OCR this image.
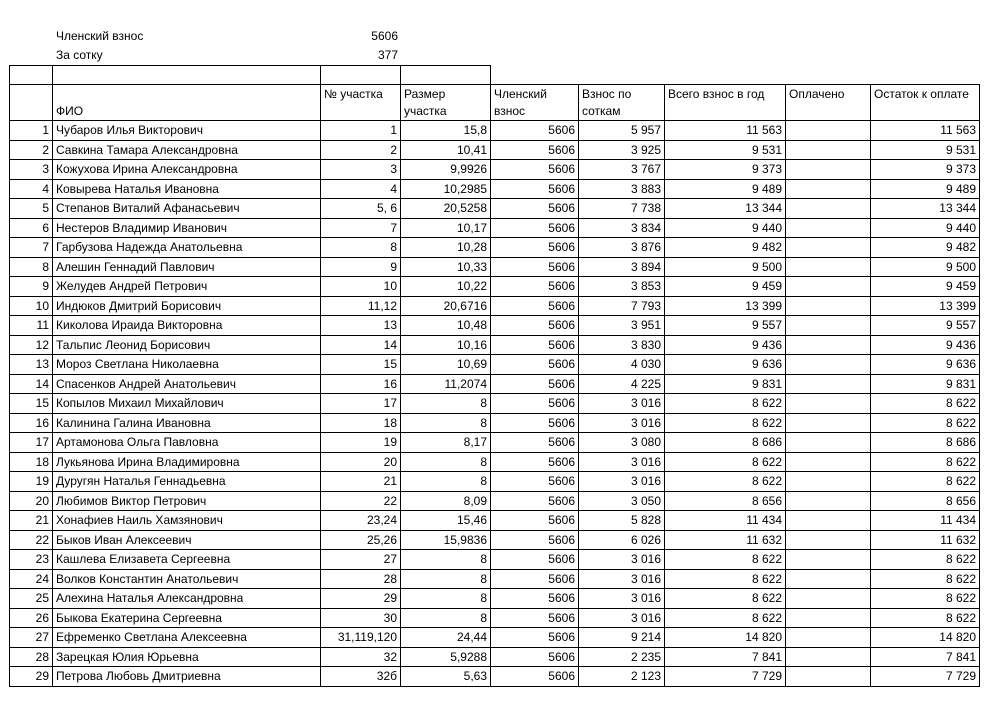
Членский взнос	5606
За сотку	377

	ФИО	№ участка	Размер участка	Членский взнос	Взнос по соткам	Всего взнос в год	Оплачено	Остаток к оплате
1	Чубаров Илья Викторович	1	15,8	5606	5 957	11 563		11 563
2	Савкина Тамара Александровна	2	10,41	5606	3 925	9 531		9 531
3	Кожухова Ирина Александровна	3	9,9926	5606	3 767	9 373		9 373
4	Ковырева Наталья Ивановна	4	10,2985	5606	3 883	9 489		9 489
5	Степанов Виталий Афанасьевич	5, 6	20,5258	5606	7 738	13 344		13 344
6	Нестеров Владимир Иванович	7	10,17	5606	3 834	9 440		9 440
7	Гарбузова Надежда Анатольевна	8	10,28	5606	3 876	9 482		9 482
8	Алешин Геннадий Павлович	9	10,33	5606	3 894	9 500		9 500
9	Желудев Андрей Петрович	10	10,22	5606	3 853	9 459		9 459
10	Индюков Дмитрий Борисович	11,12	20,6716	5606	7 793	13 399		13 399
11	Киколова Ираида Викторовна	13	10,48	5606	3 951	9 557		9 557
12	Тальпис Леонид Борисович	14	10,16	5606	3 830	9 436		9 436
13	Мороз Светлана Николаевна	15	10,69	5606	4 030	9 636		9 636
14	Спасенков Андрей Анатольевич	16	11,2074	5606	4 225	9 831		9 831
15	Копылов Михаил Михайлович	17	8	5606	3 016	8 622		8 622
16	Калинина Галина Ивановна	18	8	5606	3 016	8 622		8 622
17	Артамонова Ольга Павловна	19	8,17	5606	3 080	8 686		8 686
18	Лукьянова Ирина Владимировна	20	8	5606	3 016	8 622		8 622
19	Дуругян Наталья Геннадьевна	21	8	5606	3 016	8 622		8 622
20	Любимов Виктор Петрович	22	8,09	5606	3 050	8 656		8 656
21	Хонафиев Наиль Хамзянович	23,24	15,46	5606	5 828	11 434		11 434
22	Быков Иван Алексеевич	25,26	15,9836	5606	6 026	11 632		11 632
23	Кашлева Елизавета Сергеевна	27	8	5606	3 016	8 622		8 622
24	Волков Константин Анатольевич	28	8	5606	3 016	8 622		8 622
25	Алехина Наталья Александровна	29	8	5606	3 016	8 622		8 622
26	Быкова Екатерина Сергеевна	30	8	5606	3 016	8 622		8 622
27	Ефременко Светлана Алексеевна	31,119,120	24,44	5606	9 214	14 820		14 820
28	Зарецкая Юлия Юрьевна	32	5,9288	5606	2 235	7 841		7 841
29	Петрова Любовь Дмитриевна	32б	5,63	5606	2 123	7 729		7 729
